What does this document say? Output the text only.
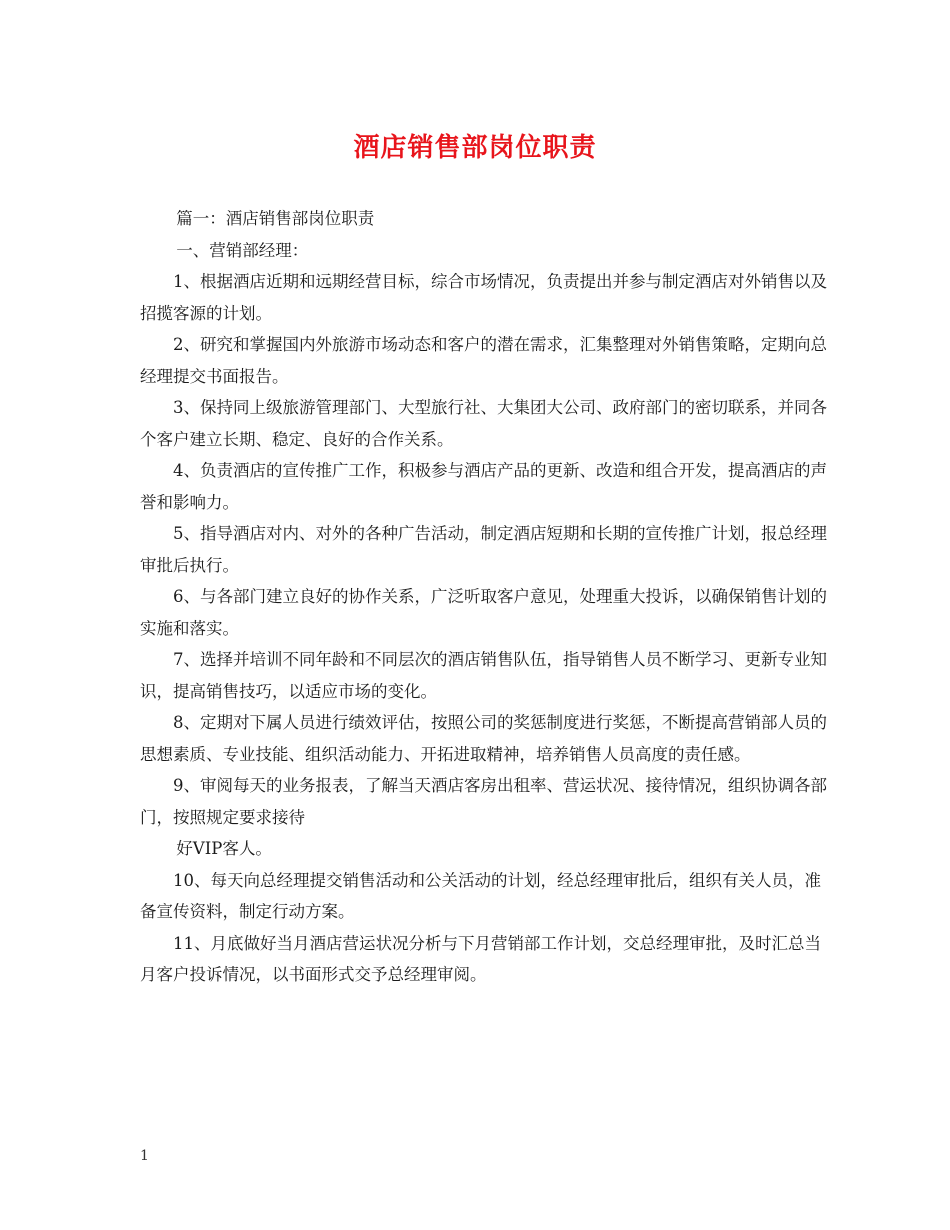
酒店销售部岗位职责

篇一：酒店销售部岗位职责

一、营销部经理：

1、根据酒店近期和远期经营目标，综合市场情况，负责提出并参与制定酒店对外销售以及招揽客源的计划。

2、研究和掌握国内外旅游市场动态和客户的潜在需求，汇集整理对外销售策略，定期向总经理提交书面报告。

3、保持同上级旅游管理部门、大型旅行社、大集团大公司、政府部门的密切联系，并同各个客户建立长期、稳定、良好的合作关系。

4、负责酒店的宣传推广工作，积极参与酒店产品的更新、改造和组合开发，提高酒店的声誉和影响力。

5、指导酒店对内、对外的各种广告活动，制定酒店短期和长期的宣传推广计划，报总经理审批后执行。

6、与各部门建立良好的协作关系，广泛听取客户意见，处理重大投诉，以确保销售计划的实施和落实。

7、选择并培训不同年龄和不同层次的酒店销售队伍，指导销售人员不断学习、更新专业知识，提高销售技巧，以适应市场的变化。

8、定期对下属人员进行绩效评估，按照公司的奖惩制度进行奖惩，不断提高营销部人员的思想素质、专业技能、组织活动能力、开拓进取精神，培养销售人员高度的责任感。

9、审阅每天的业务报表，了解当天酒店客房出租率、营运状况、接待情况，组织协调各部门，按照规定要求接待

好VIP客人。

10、每天向总经理提交销售活动和公关活动的计划，经总经理审批后，组织有关人员，准备宣传资料，制定行动方案。

11、月底做好当月酒店营运状况分析与下月营销部工作计划，交总经理审批，及时汇总当月客户投诉情况，以书面形式交予总经理审阅。

1
